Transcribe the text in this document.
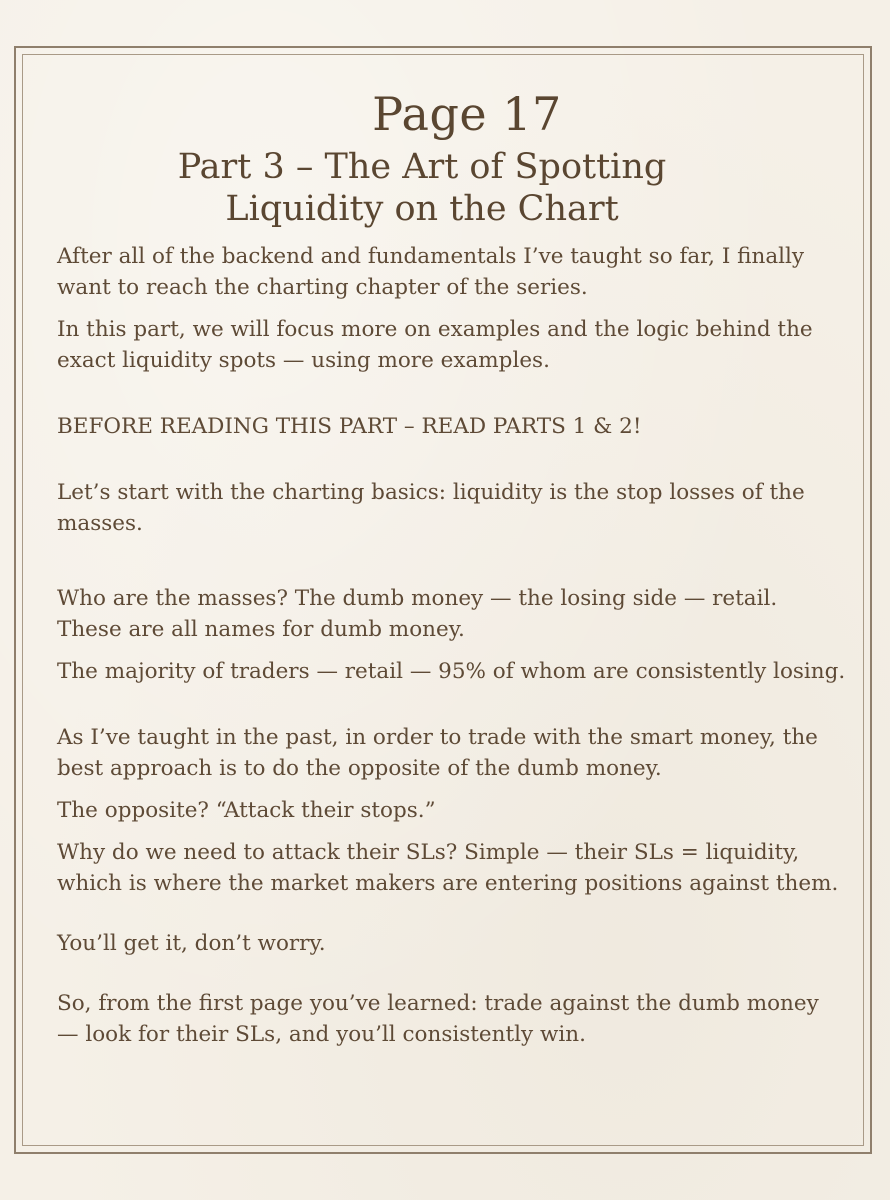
Page 17
Part 3 – The Art of Spotting
Liquidity on the Chart

After all of the backend and fundamentals I’ve taught so far, I finally want to reach the charting chapter of the series.

In this part, we will focus more on examples and the logic behind the exact liquidity spots — using more examples.

BEFORE READING THIS PART – READ PARTS 1 & 2!

Let’s start with the charting basics: liquidity is the stop losses of the masses.

Who are the masses? The dumb money — the losing side — retail. These are all names for dumb money.

The majority of traders — retail — 95% of whom are consistently losing.

As I’ve taught in the past, in order to trade with the smart money, the best approach is to do the opposite of the dumb money.

The opposite? “Attack their stops.”

Why do we need to attack their SLs? Simple — their SLs = liquidity, which is where the market makers are entering positions against them.

You’ll get it, don’t worry.

So, from the first page you’ve learned: trade against the dumb money — look for their SLs, and you’ll consistently win.
